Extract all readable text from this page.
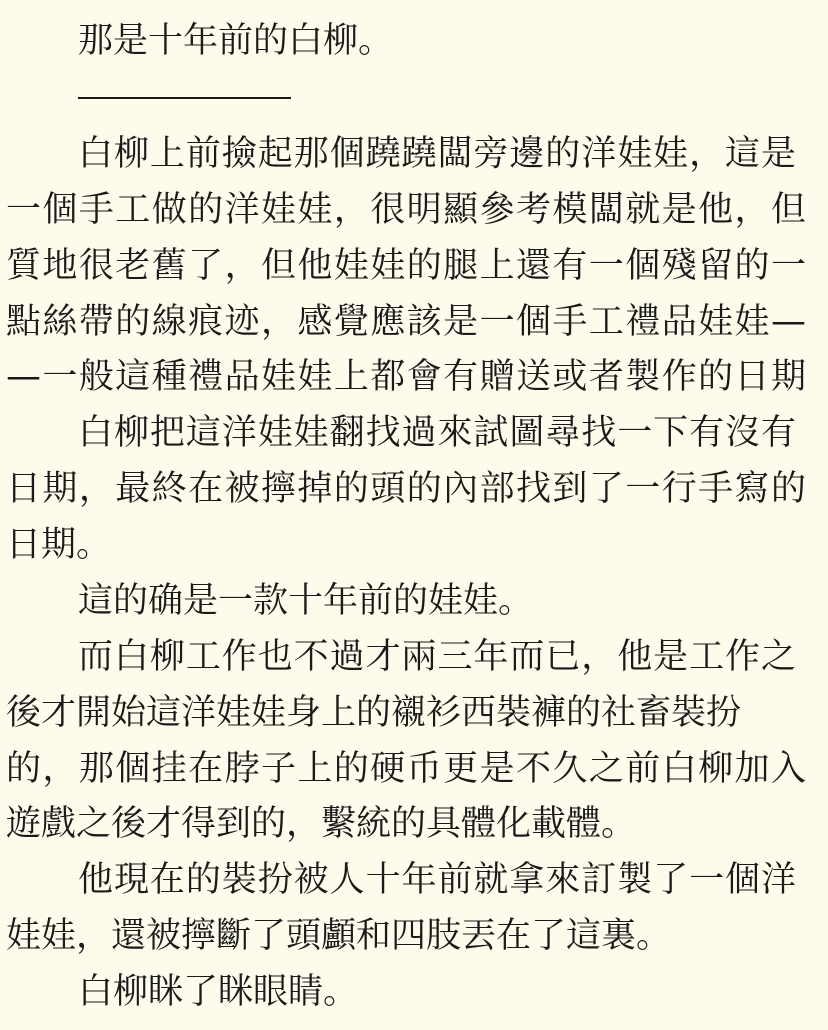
那是十年前的白柳。
白柳上前撿起那個蹺蹺闆旁邊的洋娃娃，這是
一個手工做的洋娃娃，很明顯參考模闆就是他，但
質地很老舊了，但他娃娃的腿上還有一個殘留的一
點絲帶的線痕迹，感覺應該是一個手工禮品娃娃—
—一般這種禮品娃娃上都會有贈送或者製作的日期
白柳把這洋娃娃翻找過來試圖尋找一下有沒有
日期，最終在被擰掉的頭的內部找到了一行手寫的
日期。
這的确是一款十年前的娃娃。
而白柳工作也不過才兩三年而已，他是工作之
後才開始這洋娃娃身上的襯衫西裝褲的社畜裝扮
的，那個挂在脖子上的硬币更是不久之前白柳加入
遊戲之後才得到的，繫統的具體化載體。
他現在的裝扮被人十年前就拿來訂製了一個洋
娃娃，還被擰斷了頭顱和四肢丟在了這裏。
白柳眯了眯眼睛。
